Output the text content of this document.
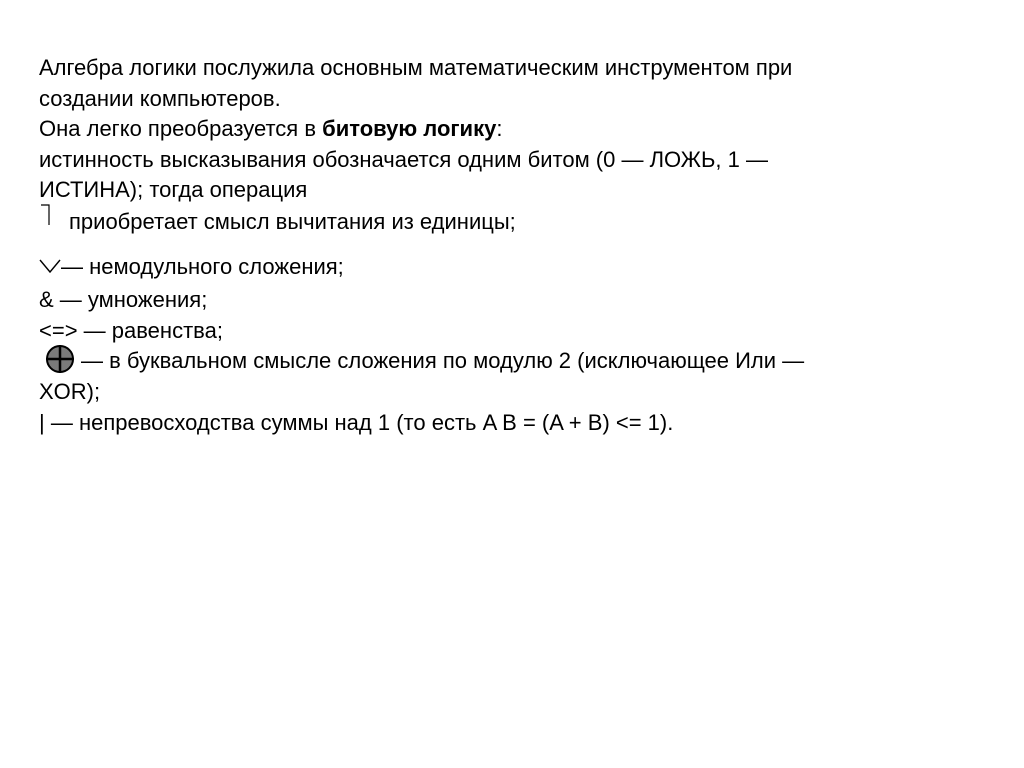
Алгебра логики послужила основным математическим инструментом при
создании компьютеров.
Она легко преобразуется в битовую логику:
истинность высказывания обозначается одним битом (0 — ЛОЖЬ, 1 —
ИСТИНА); тогда операция
приобретает смысл вычитания из единицы;
— немодульного сложения;
& — умножения;
<=> — равенства;
— в буквальном смысле сложения по модулю 2 (исключающее Или —
XOR);
| — непревосходства суммы над 1 (то есть A B = (A + B) <= 1).
